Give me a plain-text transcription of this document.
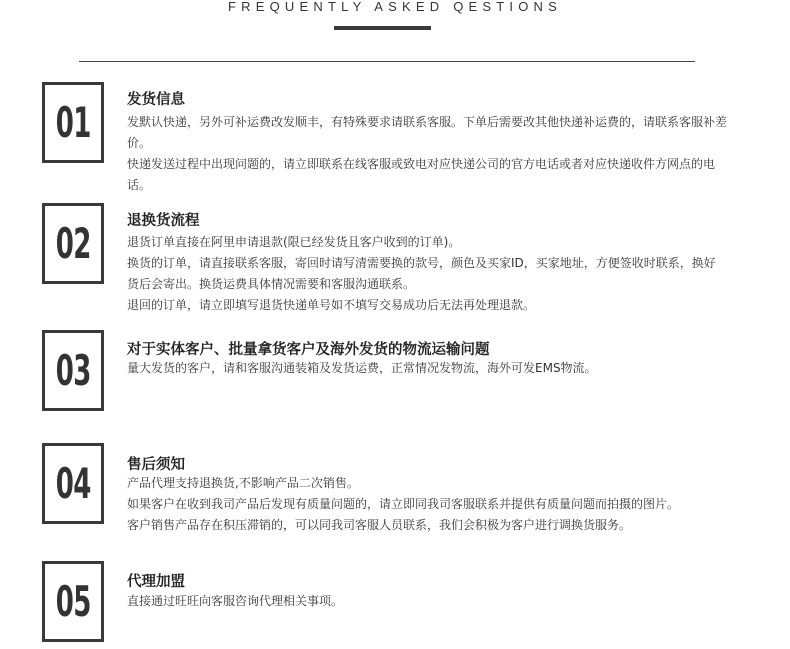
FREQUENTLY ASKED QESTIONS
01	发货信息
发默认快递，另外可补运费改发顺丰，有特殊要求请联系客服。下单后需要改其他快递补运费的，请联系客服补差价。
快递发送过程中出现问题的，请立即联系在线客服或致电对应快递公司的官方电话或者对应快递收件方网点的电话。
02	退换货流程
退货订单直接在阿里申请退款(限已经发货且客户收到的订单)。
换货的订单，请直接联系客服，寄回时请写清需要换的款号，颜色及买家ID，买家地址，方便签收时联系，换好货后会寄出。换货运费具体情况需要和客服沟通联系。
退回的订单，请立即填写退货快递单号如不填写交易成功后无法再处理退款。
03	对于实体客户、批量拿货客户及海外发货的物流运输问题
量大发货的客户，请和客服沟通装箱及发货运费，正常情况发物流，海外可发EMS物流。
04	售后须知
产品代理支持退换货,不影响产品二次销售。
如果客户在收到我司产品后发现有质量问题的，请立即同我司客服联系并提供有质量问题而拍摄的图片。
客户销售产品存在积压滞销的，可以同我司客服人员联系，我们会积极为客户进行调换货服务。
05	代理加盟
直接通过旺旺向客服咨询代理相关事项。
